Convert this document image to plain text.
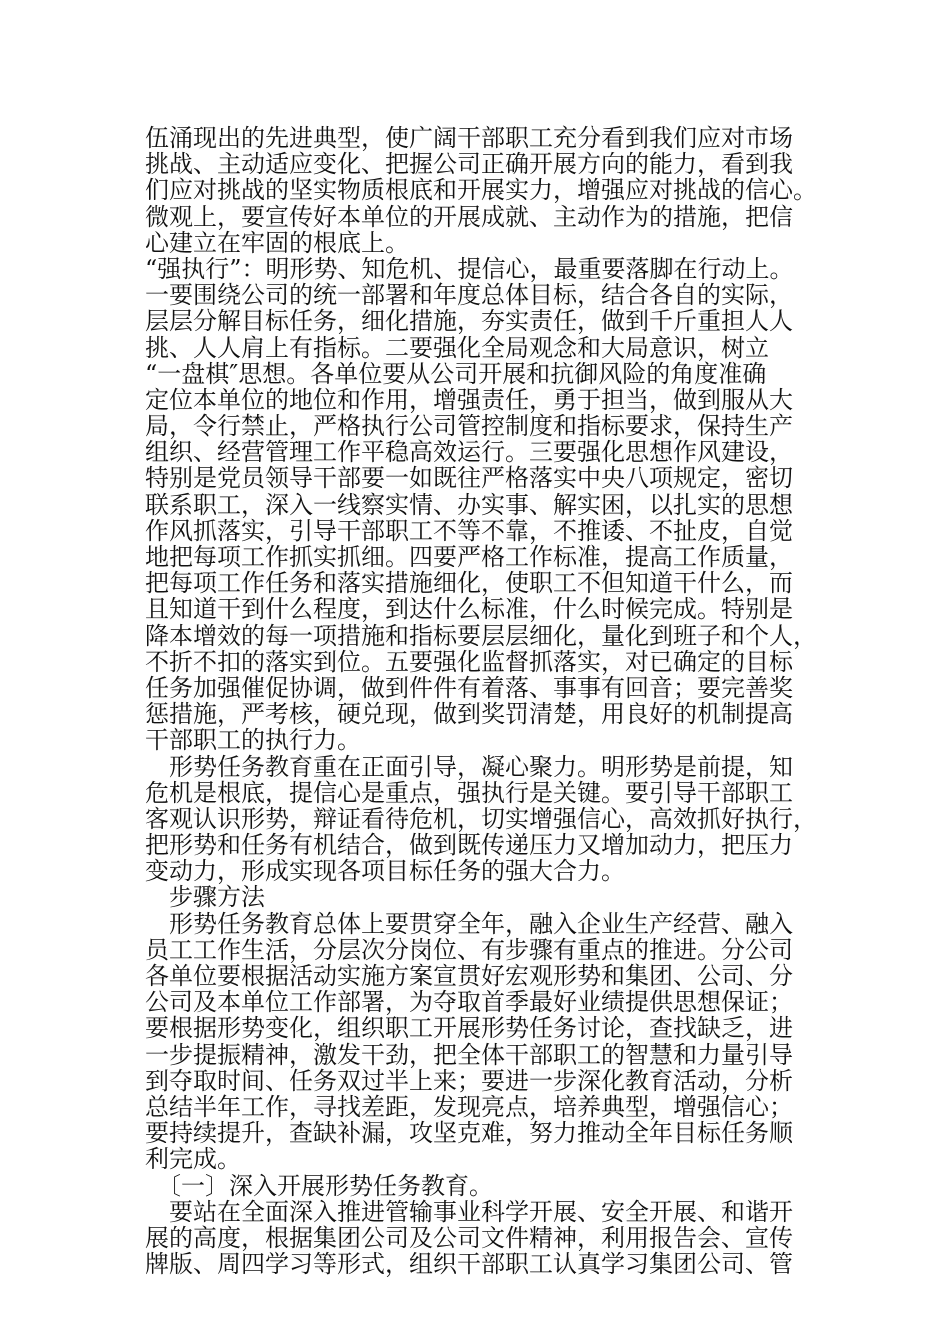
伍涌现出的先进典型，使广阔干部职工充分看到我们应对市场
挑战、主动适应变化、把握公司正确开展方向的能力，看到我
们应对挑战的坚实物质根底和开展实力，增强应对挑战的信心。
微观上，要宣传好本单位的开展成就、主动作为的措施，把信
心建立在牢固的根底上。
“强执行”：明形势、知危机、提信心，最重要落脚在行动上。
一要围绕公司的统一部署和年度总体目标，结合各自的实际，
层层分解目标任务，细化措施，夯实责任，做到千斤重担人人
挑、人人肩上有指标。二要强化全局观念和大局意识，树立
“一盘棋″思想。各单位要从公司开展和抗御风险的角度准确
定位本单位的地位和作用，增强责任，勇于担当，做到服从大
局，令行禁止，严格执行公司管控制度和指标要求，保持生产
组织、经营管理工作平稳高效运行。三要强化思想作风建设，
特别是党员领导干部要一如既往严格落实中央八项规定，密切
联系职工，深入一线察实情、办实事、解实困，以扎实的思想
作风抓落实，引导干部职工不等不靠，不推诿、不扯皮，自觉
地把每项工作抓实抓细。四要严格工作标准，提高工作质量，
把每项工作任务和落实措施细化，使职工不但知道干什么，而
且知道干到什么程度，到达什么标准，什么时候完成。特别是
降本增效的每一项措施和指标要层层细化，量化到班子和个人，
不折不扣的落实到位。五要强化监督抓落实，对已确定的目标
任务加强催促协调，做到件件有着落、事事有回音；要完善奖
惩措施，严考核，硬兑现，做到奖罚清楚，用良好的机制提高
干部职工的执行力。
　形势任务教育重在正面引导，凝心聚力。明形势是前提，知
危机是根底，提信心是重点，强执行是关键。要引导干部职工
客观认识形势，辩证看待危机，切实增强信心，高效抓好执行，
把形势和任务有机结合，做到既传递压力又增加动力，把压力
变动力，形成实现各项目标任务的强大合力。
　步骤方法
　形势任务教育总体上要贯穿全年，融入企业生产经营、融入
员工工作生活，分层次分岗位、有步骤有重点的推进。分公司
各单位要根据活动实施方案宣贯好宏观形势和集团、公司、分
公司及本单位工作部署，为夺取首季最好业绩提供思想保证；
要根据形势变化，组织职工开展形势任务讨论，查找缺乏，进
一步提振精神，激发干劲，把全体干部职工的智慧和力量引导
到夺取时间、任务双过半上来；要进一步深化教育活动，分析
总结半年工作，寻找差距，发现亮点，培养典型，增强信心；
要持续提升，查缺补漏，攻坚克难，努力推动全年目标任务顺
利完成。
　〔一〕深入开展形势任务教育。
　要站在全面深入推进管输事业科学开展、安全开展、和谐开
展的高度，根据集团公司及公司文件精神，利用报告会、宣传
牌版、周四学习等形式，组织干部职工认真学习集团公司、管
